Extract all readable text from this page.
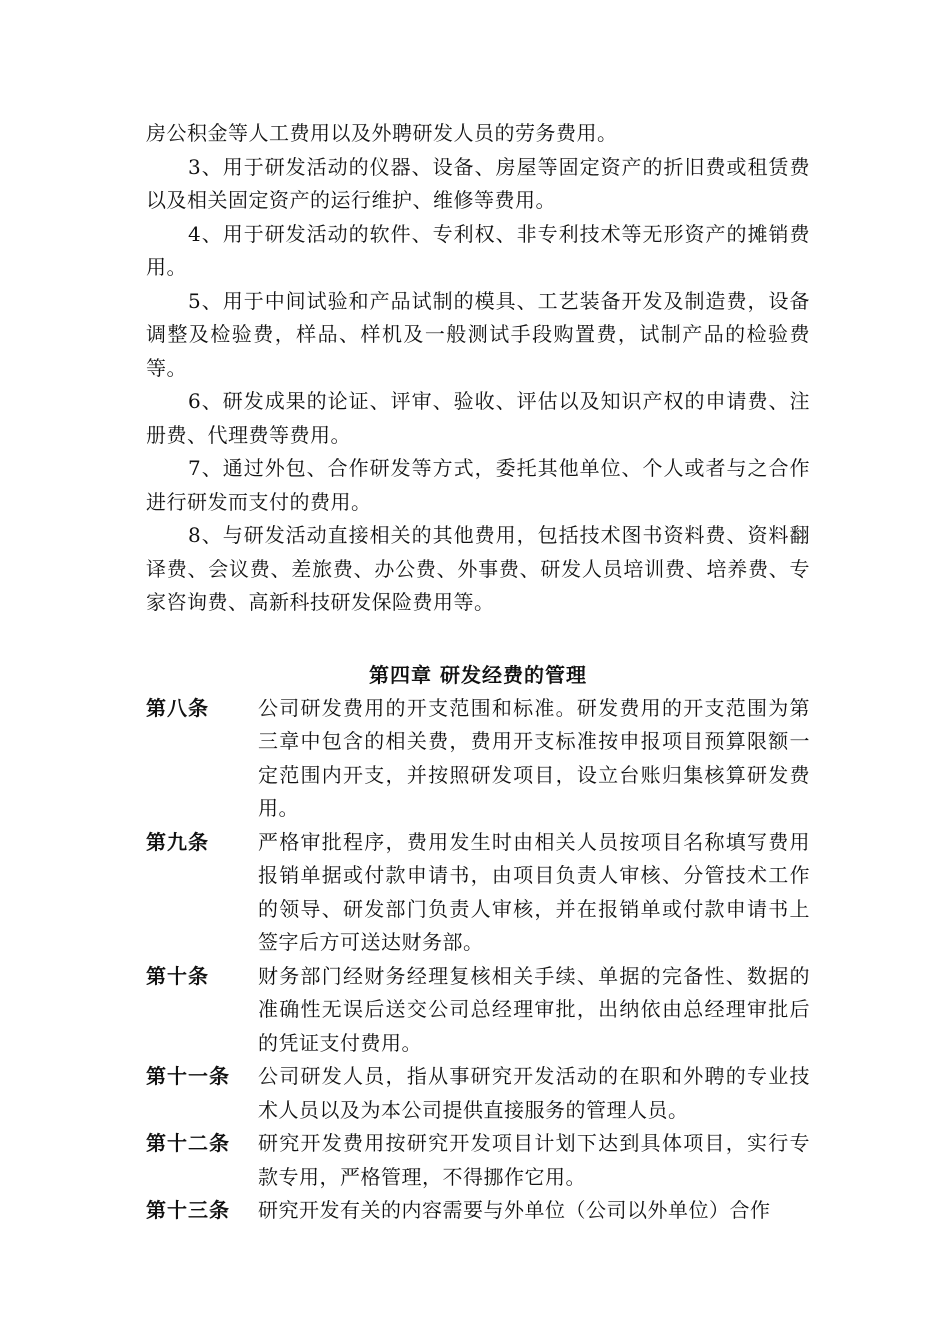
房公积金等人工费用以及外聘研发人员的劳务费用。

3、用于研发活动的仪器、设备、房屋等固定资产的折旧费或租赁费以及相关固定资产的运行维护、维修等费用。

4、用于研发活动的软件、专利权、非专利技术等无形资产的摊销费用。

5、用于中间试验和产品试制的模具、工艺装备开发及制造费，设备调整及检验费，样品、样机及一般测试手段购置费，试制产品的检验费等。

6、研发成果的论证、评审、验收、评估以及知识产权的申请费、注册费、代理费等费用。

7、通过外包、合作研发等方式，委托其他单位、个人或者与之合作进行研发而支付的费用。

8、与研发活动直接相关的其他费用，包括技术图书资料费、资料翻译费、会议费、差旅费、办公费、外事费、研发人员培训费、培养费、专家咨询费、高新科技研发保险费用等。

第四章 研发经费的管理
第八条	公司研发费用的开支范围和标准。研发费用的开支范围为第三章中包含的相关费，费用开支标准按申报项目预算限额一定范围内开支，并按照研发项目，设立台账归集核算研发费用。
第九条	严格审批程序，费用发生时由相关人员按项目名称填写费用报销单据或付款申请书，由项目负责人审核、分管技术工作的领导、研发部门负责人审核，并在报销单或付款申请书上签字后方可送达财务部。
第十条	财务部门经财务经理复核相关手续、单据的完备性、数据的准确性无误后送交公司总经理审批，出纳依由总经理审批后的凭证支付费用。
第十一条	公司研发人员，指从事研究开发活动的在职和外聘的专业技术人员以及为本公司提供直接服务的管理人员。
第十二条	研究开发费用按研究开发项目计划下达到具体项目，实行专款专用，严格管理，不得挪作它用。
第十三条	研究开发有关的内容需要与外单位（公司以外单位）合作
